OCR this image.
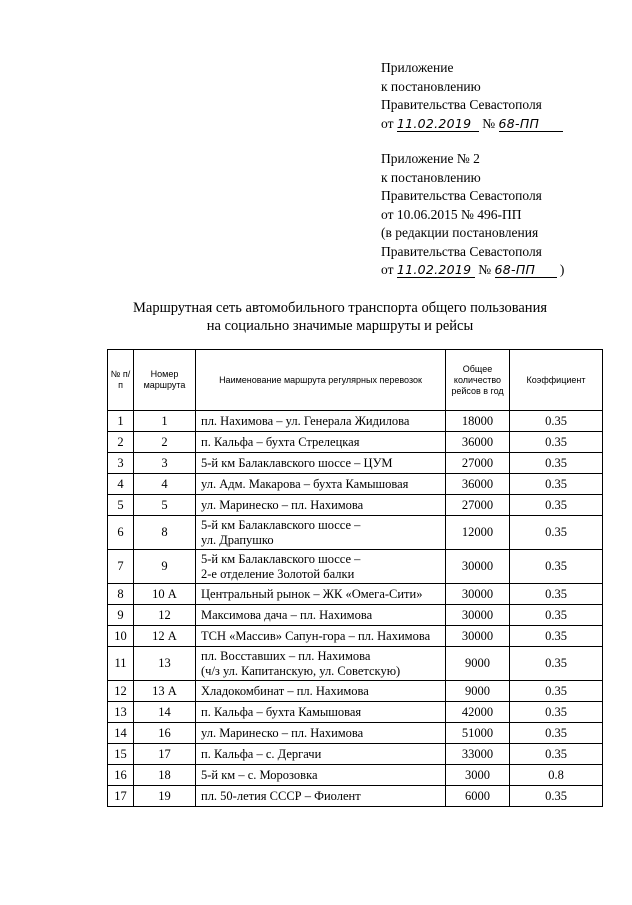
Приложение
к постановлению
Правительства Севастополя
от 11.02.2019 № 68-ПП
Приложение № 2
к постановлению
Правительства Севастополя
от 10.06.2015 № 496-ПП
(в редакции постановления
Правительства Севастополя
от 11.02.2019 № 68-ПП )
Маршрутная сеть автомобильного транспорта общего пользования
на социально значимые маршруты и рейсы
№ п/п	Номер маршрута	Наименование маршрута регулярных перевозок	Общее количество рейсов в год	Коэффициент
1	1	пл. Нахимова – ул. Генерала Жидилова	18000	0.35
2	2	п. Кальфа – бухта Стрелецкая	36000	0.35
3	3	5-й км Балаклавского шоссе – ЦУМ	27000	0.35
4	4	ул. Адм. Макарова – бухта Камышовая	36000	0.35
5	5	ул. Маринеско – пл. Нахимова	27000	0.35
6	8	5-й км Балаклавского шоссе –
ул. Драпушко	12000	0.35
7	9	5-й км Балаклавского шоссе –
2-е отделение Золотой балки	30000	0.35
8	10 А	Центральный рынок – ЖК «Омега-Сити»	30000	0.35
9	12	Максимова дача – пл. Нахимова	30000	0.35
10	12 А	ТСН «Массив» Сапун-гора – пл. Нахимова	30000	0.35
11	13	пл. Восставших – пл. Нахимова
(ч/з ул. Капитанскую, ул. Советскую)	9000	0.35
12	13 А	Хладокомбинат – пл. Нахимова	9000	0.35
13	14	п. Кальфа – бухта Камышовая	42000	0.35
14	16	ул. Маринеско – пл. Нахимова	51000	0.35
15	17	п. Кальфа – с. Дергачи	33000	0.35
16	18	5-й км – с. Морозовка	3000	0.8
17	19	пл. 50-летия СССР – Фиолент	6000	0.35
